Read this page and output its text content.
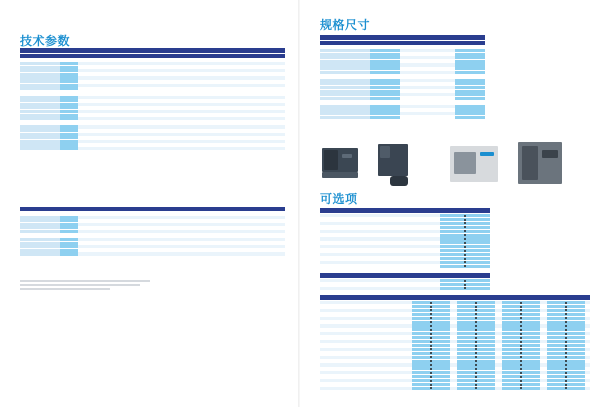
技术参数
规格尺寸
可选项
